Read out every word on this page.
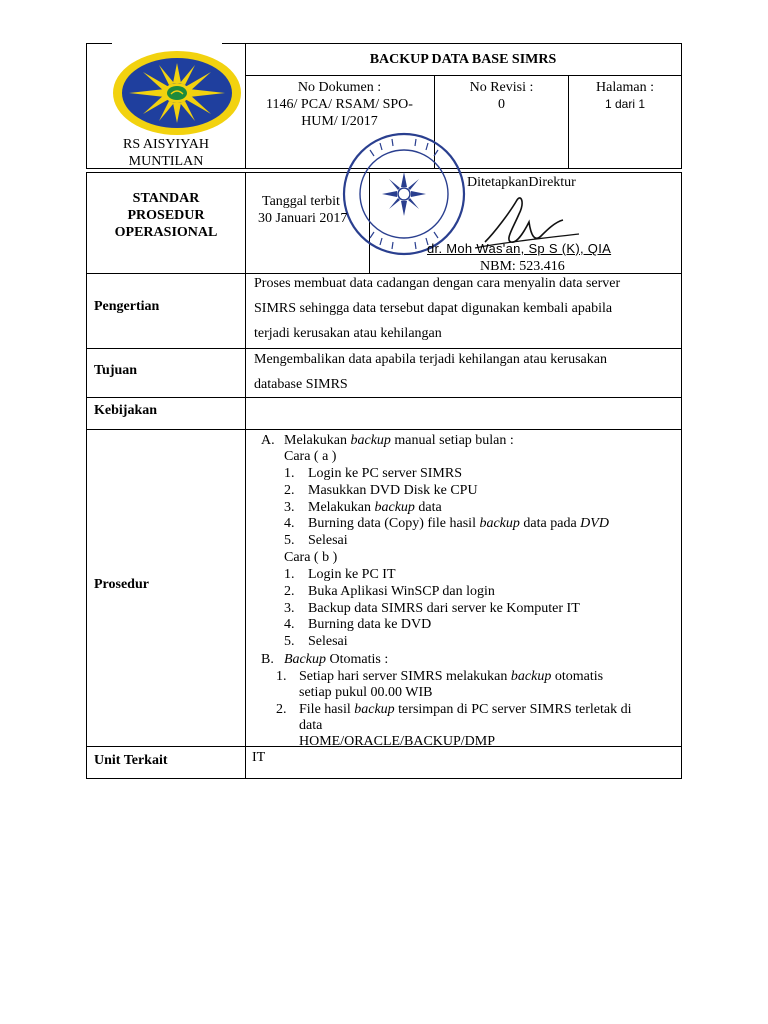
RS AISYIYAH
MUNTILAN
BACKUP DATA BASE SIMRS
No Dokumen :
1146/ PCA/ RSAM/ SPO-
HUM/ I/2017
No Revisi :
0
Halaman :
1 dari 1
STANDAR
PROSEDUR
OPERASIONAL
Tanggal terbit
30 Januari 2017
DitetapkanDirektur
dr. Moh Was'an, Sp S (K), QIA
NBM: 523.416
Pengertian
Proses membuat data cadangan dengan cara menyalin data server
SIMRS sehingga data tersebut dapat digunakan kembali apabila
terjadi kerusakan atau kehilangan
Tujuan
Mengembalikan data apabila terjadi kehilangan atau kerusakan
database SIMRS
Kebijakan
Prosedur
A. Melakukan backup manual setiap bulan :
Cara ( a )
1. Login ke PC server SIMRS
2. Masukkan DVD Disk ke CPU
3. Melakukan backup data
4. Burning data (Copy) file hasil backup data pada DVD
5. Selesai
Cara ( b )
1. Login ke PC IT
2. Buka Aplikasi WinSCP dan login
3. Backup data SIMRS dari server ke Komputer IT
4. Burning data ke DVD
5. Selesai
B. Backup Otomatis :
1. Setiap hari server SIMRS melakukan backup otomatis
setiap pukul 00.00 WIB
2. File hasil backup tersimpan di PC server SIMRS terletak di
data
HOME/ORACLE/BACKUP/DMP
Unit Terkait	IT
